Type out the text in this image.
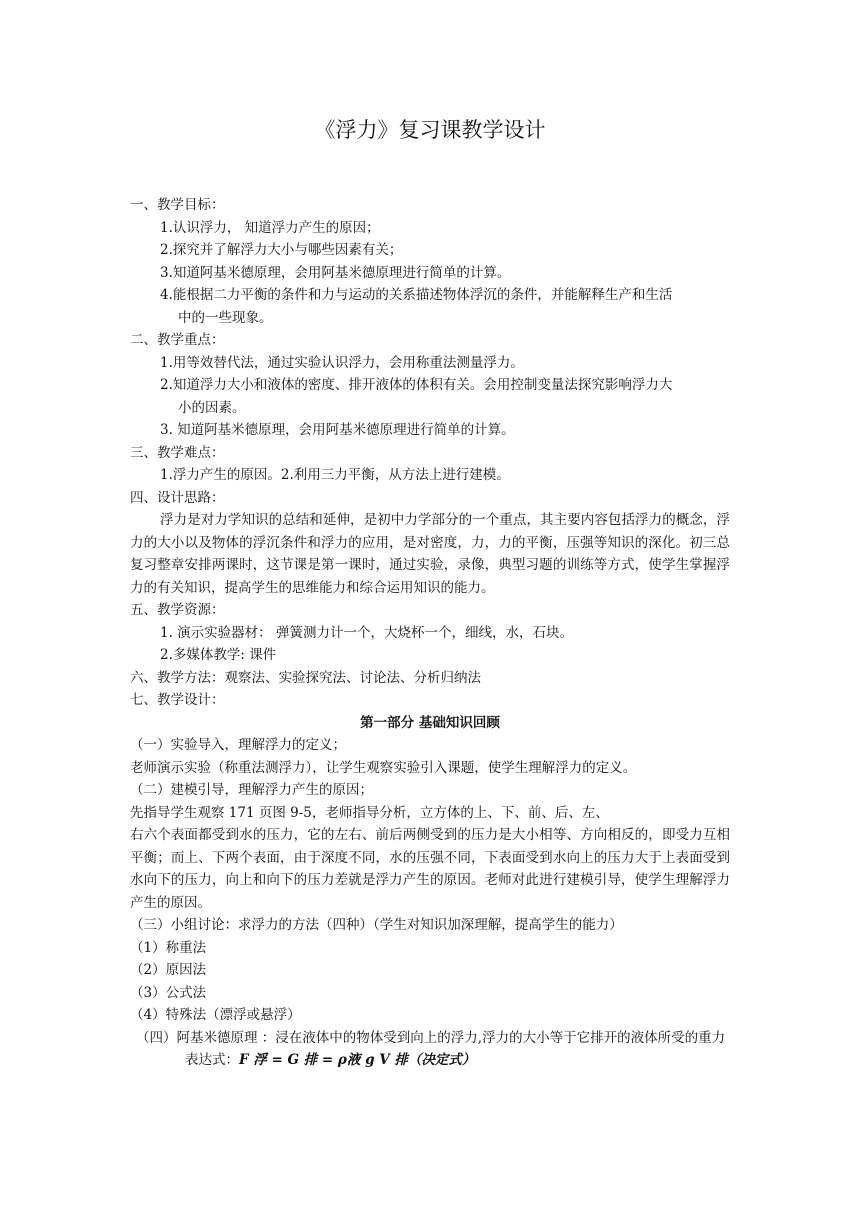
《浮力》复习课教学设计
一、教学目标：
1.认识浮力， 知道浮力产生的原因；
2.探究并了解浮力大小与哪些因素有关；
3.知道阿基米德原理，会用阿基米德原理进行简单的计算。
4.能根据二力平衡的条件和力与运动的关系描述物体浮沉的条件，并能解释生产和生活
中的一些现象。
二、教学重点：
1.用等效替代法，通过实验认识浮力，会用称重法测量浮力。
2.知道浮力大小和液体的密度、排开液体的体积有关。会用控制变量法探究影响浮力大
小的因素。
3. 知道阿基米德原理，会用阿基米德原理进行简单的计算。
三、教学难点：
1.浮力产生的原因。2.利用三力平衡，从方法上进行建模。
四、设计思路：
浮力是对力学知识的总结和延伸，是初中力学部分的一个重点，其主要内容包括浮力的概念，浮力的大小以及物体的浮沉条件和浮力的应用，是对密度，力，力的平衡，压强等知识的深化。初三总复习整章安排两课时，这节课是第一课时，通过实验，录像，典型习题的训练等方式，使学生掌握浮力的有关知识，提高学生的思维能力和综合运用知识的能力。
五、教学资源：
1. 演示实验器材： 弹簧测力计一个，大烧杯一个，细线，水，石块。
2.多媒体教学: 课件
六、教学方法：观察法、实验探究法、讨论法、分析归纳法
七、教学设计：
第一部分 基础知识回顾
（一）实验导入，理解浮力的定义；
老师演示实验（称重法测浮力），让学生观察实验引入课题，使学生理解浮力的定义。
（二）建模引导，理解浮力产生的原因；
先指导学生观察 171 页图 9-5，老师指导分析，立方体的上、下、前、后、左、
右六个表面都受到水的压力，它的左右、前后两侧受到的压力是大小相等、方向相反的，即受力互相平衡；而上、下两个表面，由于深度不同，水的压强不同，下表面受到水向上的压力大于上表面受到水向下的压力，向上和向下的压力差就是浮力产生的原因。老师对此进行建模引导，使学生理解浮力产生的原因。
（三）小组讨论：求浮力的方法（四种）（学生对知识加深理解，提高学生的能力）
（1）称重法
（2）原因法
（3）公式法
（4）特殊法（漂浮或悬浮）
（四）阿基米德原理 ： 浸在液体中的物体受到向上的浮力,浮力的大小等于它排开的液体所受的重力
表达式：F 浮 = G 排 = ρ液 g V 排（决定式）
